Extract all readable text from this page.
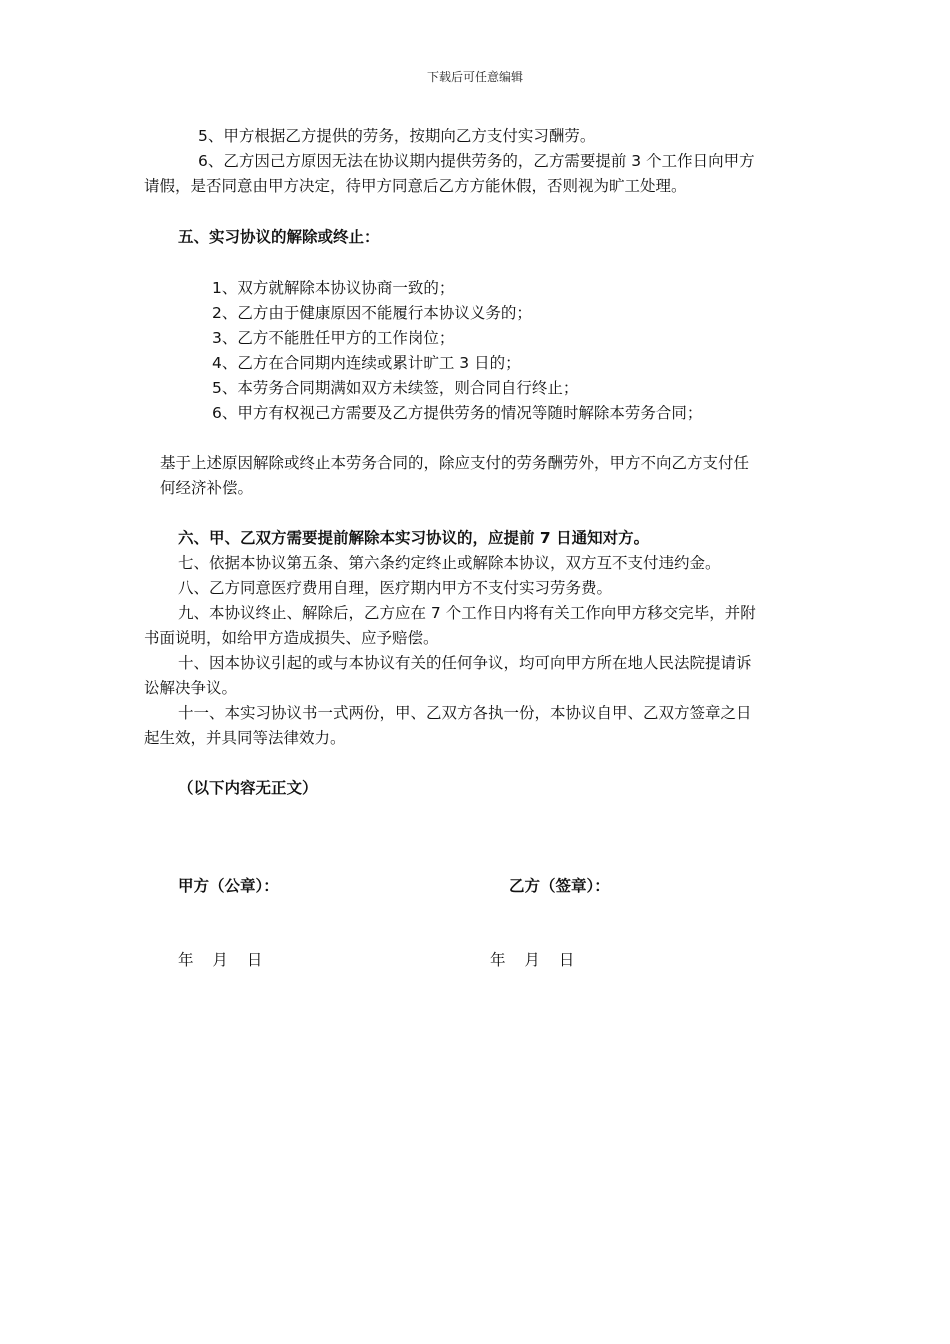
下载后可任意编辑

5、甲方根据乙方提供的劳务，按期向乙方支付实习酬劳。

6、乙方因己方原因无法在协议期内提供劳务的，乙方需要提前 3 个工作日向甲方

请假，是否同意由甲方决定，待甲方同意后乙方方能休假，否则视为旷工处理。

五、实习协议的解除或终止：

1、双方就解除本协议协商一致的；

2、乙方由于健康原因不能履行本协议义务的；

3、乙方不能胜任甲方的工作岗位；

4、乙方在合同期内连续或累计旷工 3 日的；

5、本劳务合同期满如双方未续签，则合同自行终止；

6、甲方有权视己方需要及乙方提供劳务的情况等随时解除本劳务合同；

基于上述原因解除或终止本劳务合同的，除应支付的劳务酬劳外，甲方不向乙方支付任

何经济补偿。

六、甲、乙双方需要提前解除本实习协议的，应提前 7 日通知对方。

七、依据本协议第五条、第六条约定终止或解除本协议，双方互不支付违约金。

八、乙方同意医疗费用自理，医疗期内甲方不支付实习劳务费。

九、本协议终止、解除后，乙方应在 7 个工作日内将有关工作向甲方移交完毕，并附

书面说明，如给甲方造成损失、应予赔偿。

十、因本协议引起的或与本协议有关的任何争议，均可向甲方所在地人民法院提请诉

讼解决争议。

十一、本实习协议书一式两份，甲、乙双方各执一份，本协议自甲、乙双方签章之日

起生效，并具同等法律效力。

（以下内容无正文）

甲方（公章）：	乙方（签章）：
年 月 日	年 月 日
